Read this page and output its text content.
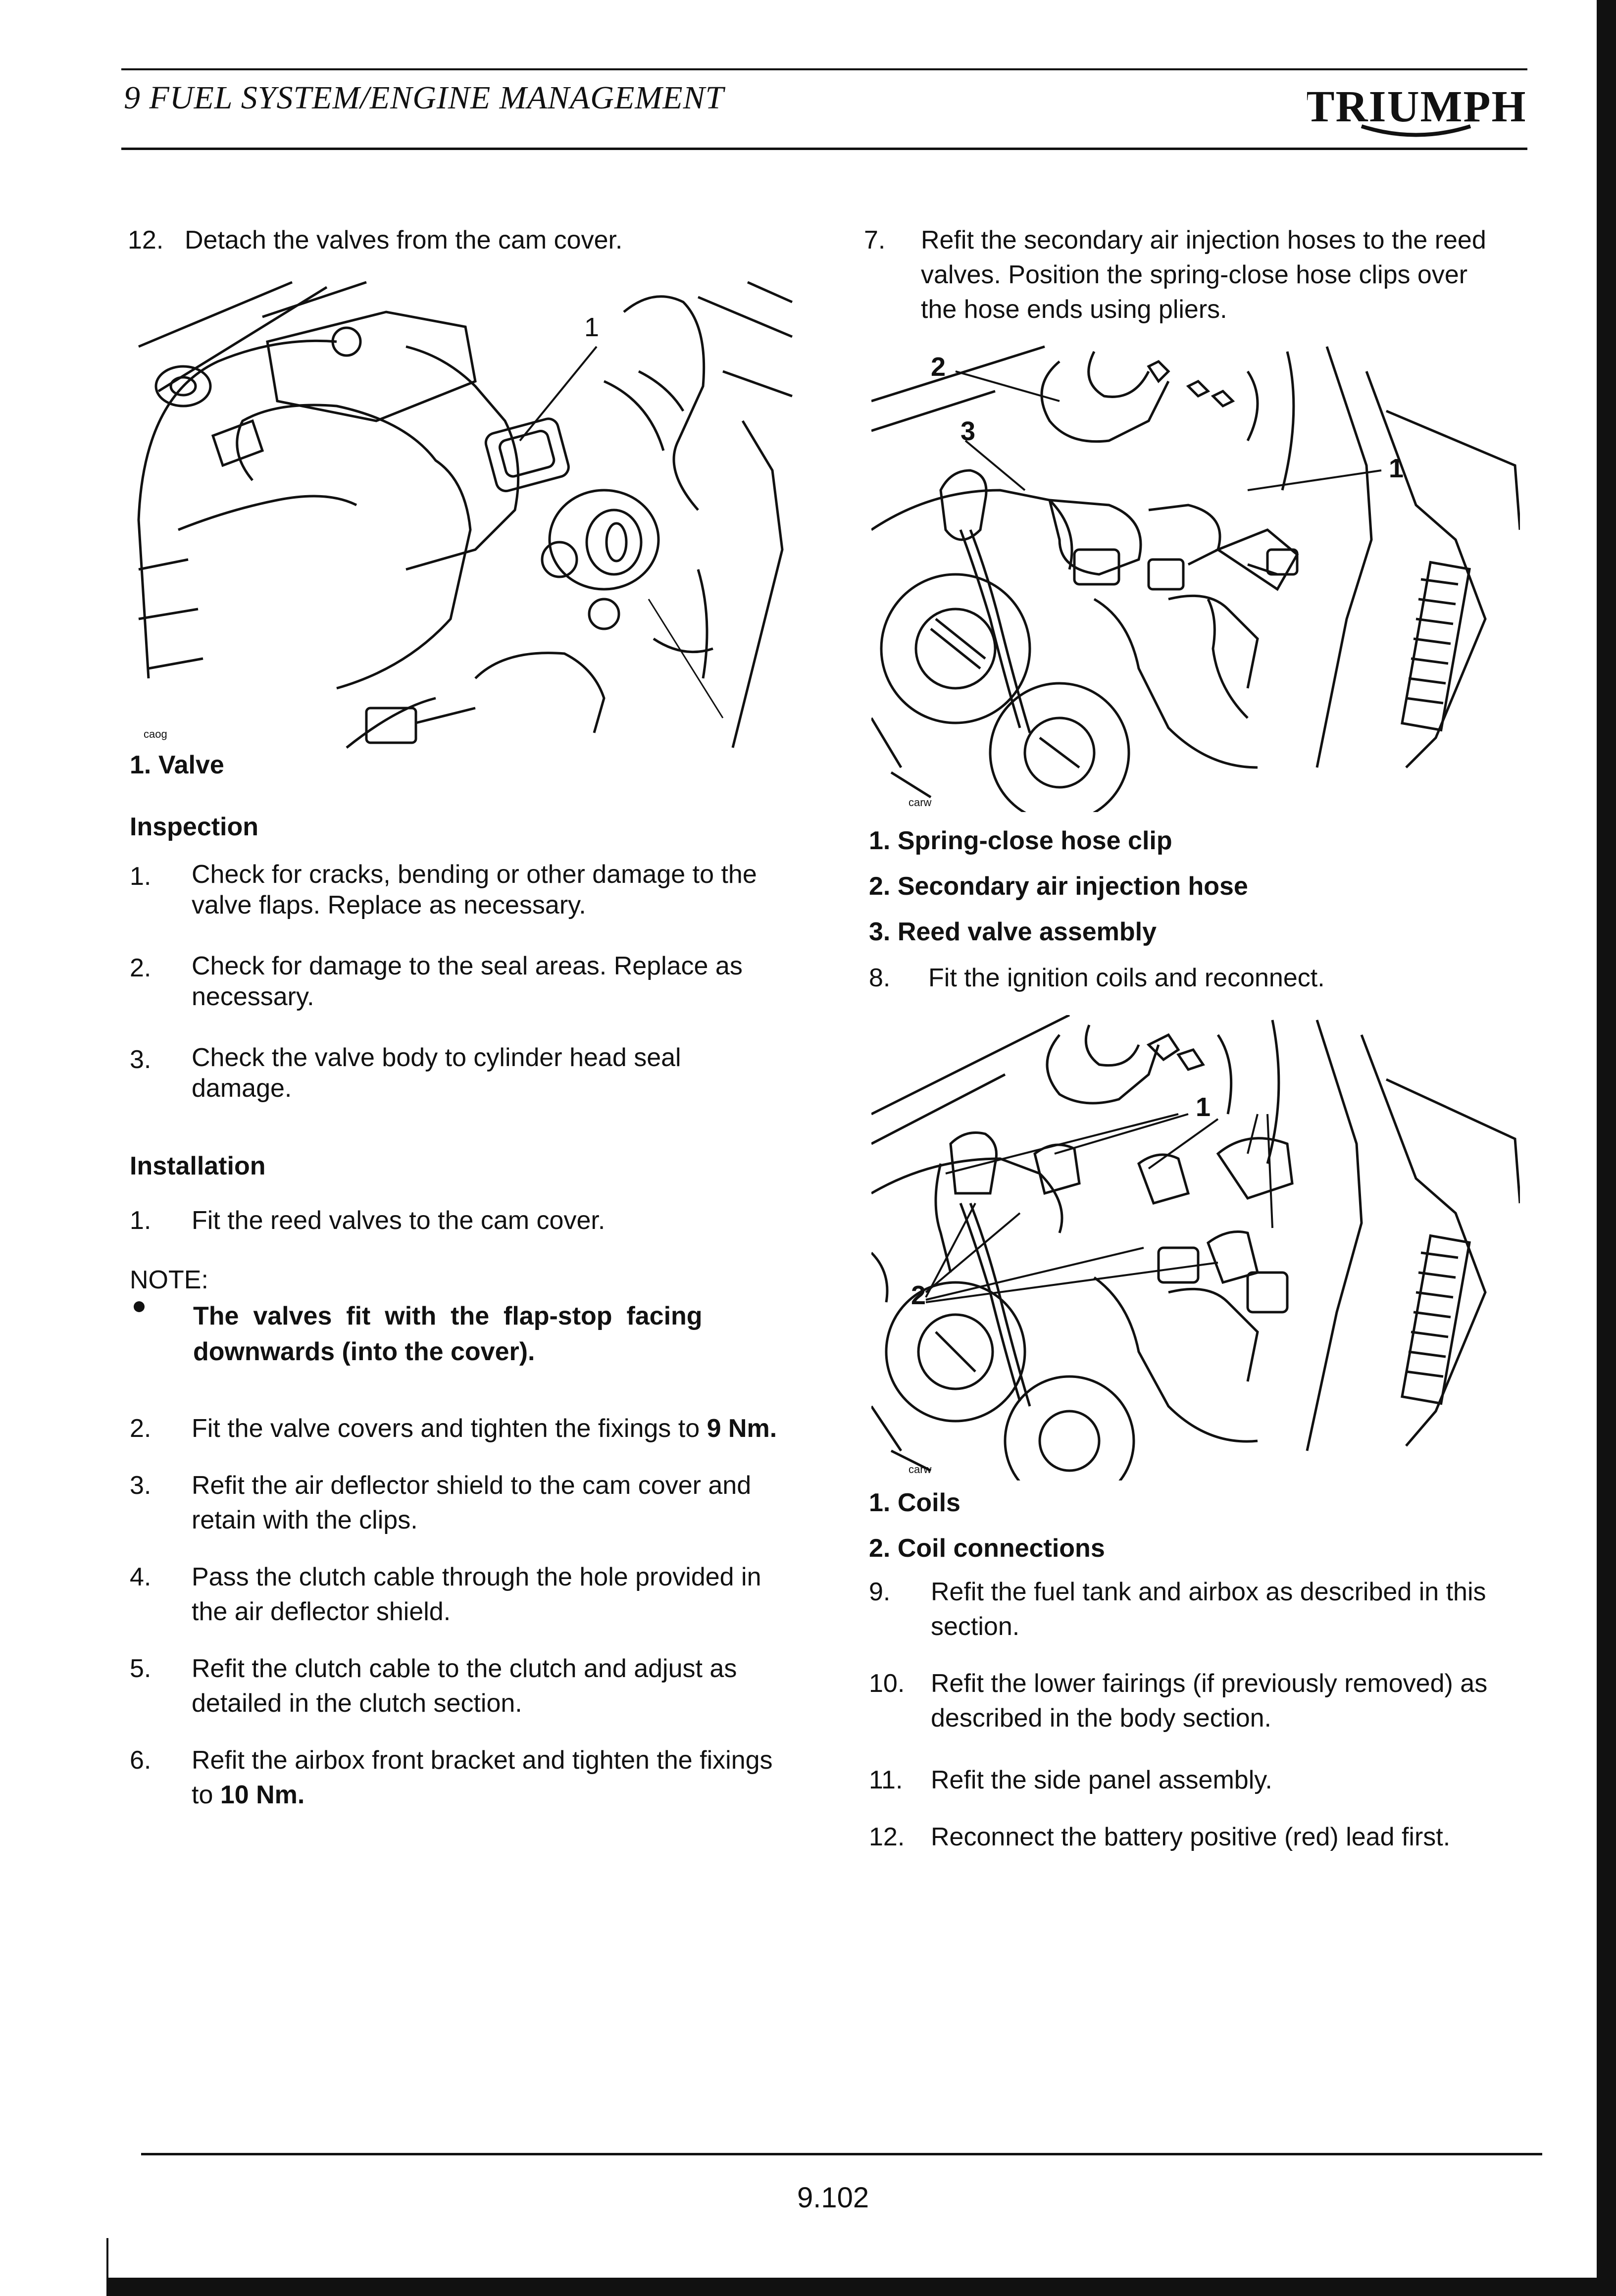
9 FUEL SYSTEM/ENGINE MANAGEMENT	TRIUMPH
12. Detach the valves from the cam cover.
1
caog
1. Valve
Inspection
1. Check for cracks, bending or other damage to the
valve flaps. Replace as necessary.
2. Check for damage to the seal areas. Replace as
necessary.
3. Check the valve body to cylinder head seal
damage.
Installation
1. Fit the reed valves to the cam cover.
NOTE:
The  valves  fit  with  the  flap-stop  facing
downwards (into the cover).
2. Fit the valve covers and tighten the fixings to 9 Nm.
3. Refit the air deflector shield to the cam cover and
retain with the clips.
4. Pass the clutch cable through the hole provided in
the air deflector shield.
5. Refit the clutch cable to the clutch and adjust as
detailed in the clutch section.
6. Refit the airbox front bracket and tighten the fixings
to 10 Nm.
7. Refit the secondary air injection hoses to the reed
valves. Position the spring-close hose clips over
the hose ends using pliers.
2
3
1
carw
1. Spring-close hose clip
2. Secondary air injection hose
3. Reed valve assembly
8. Fit the ignition coils and reconnect.
1
2
carw
1. Coils
2. Coil connections
9. Refit the fuel tank and airbox as described in this
section.
10. Refit the lower fairings (if previously removed) as
described in the body section.
11. Refit the side panel assembly.
12. Reconnect the battery positive (red) lead first.
9.102
